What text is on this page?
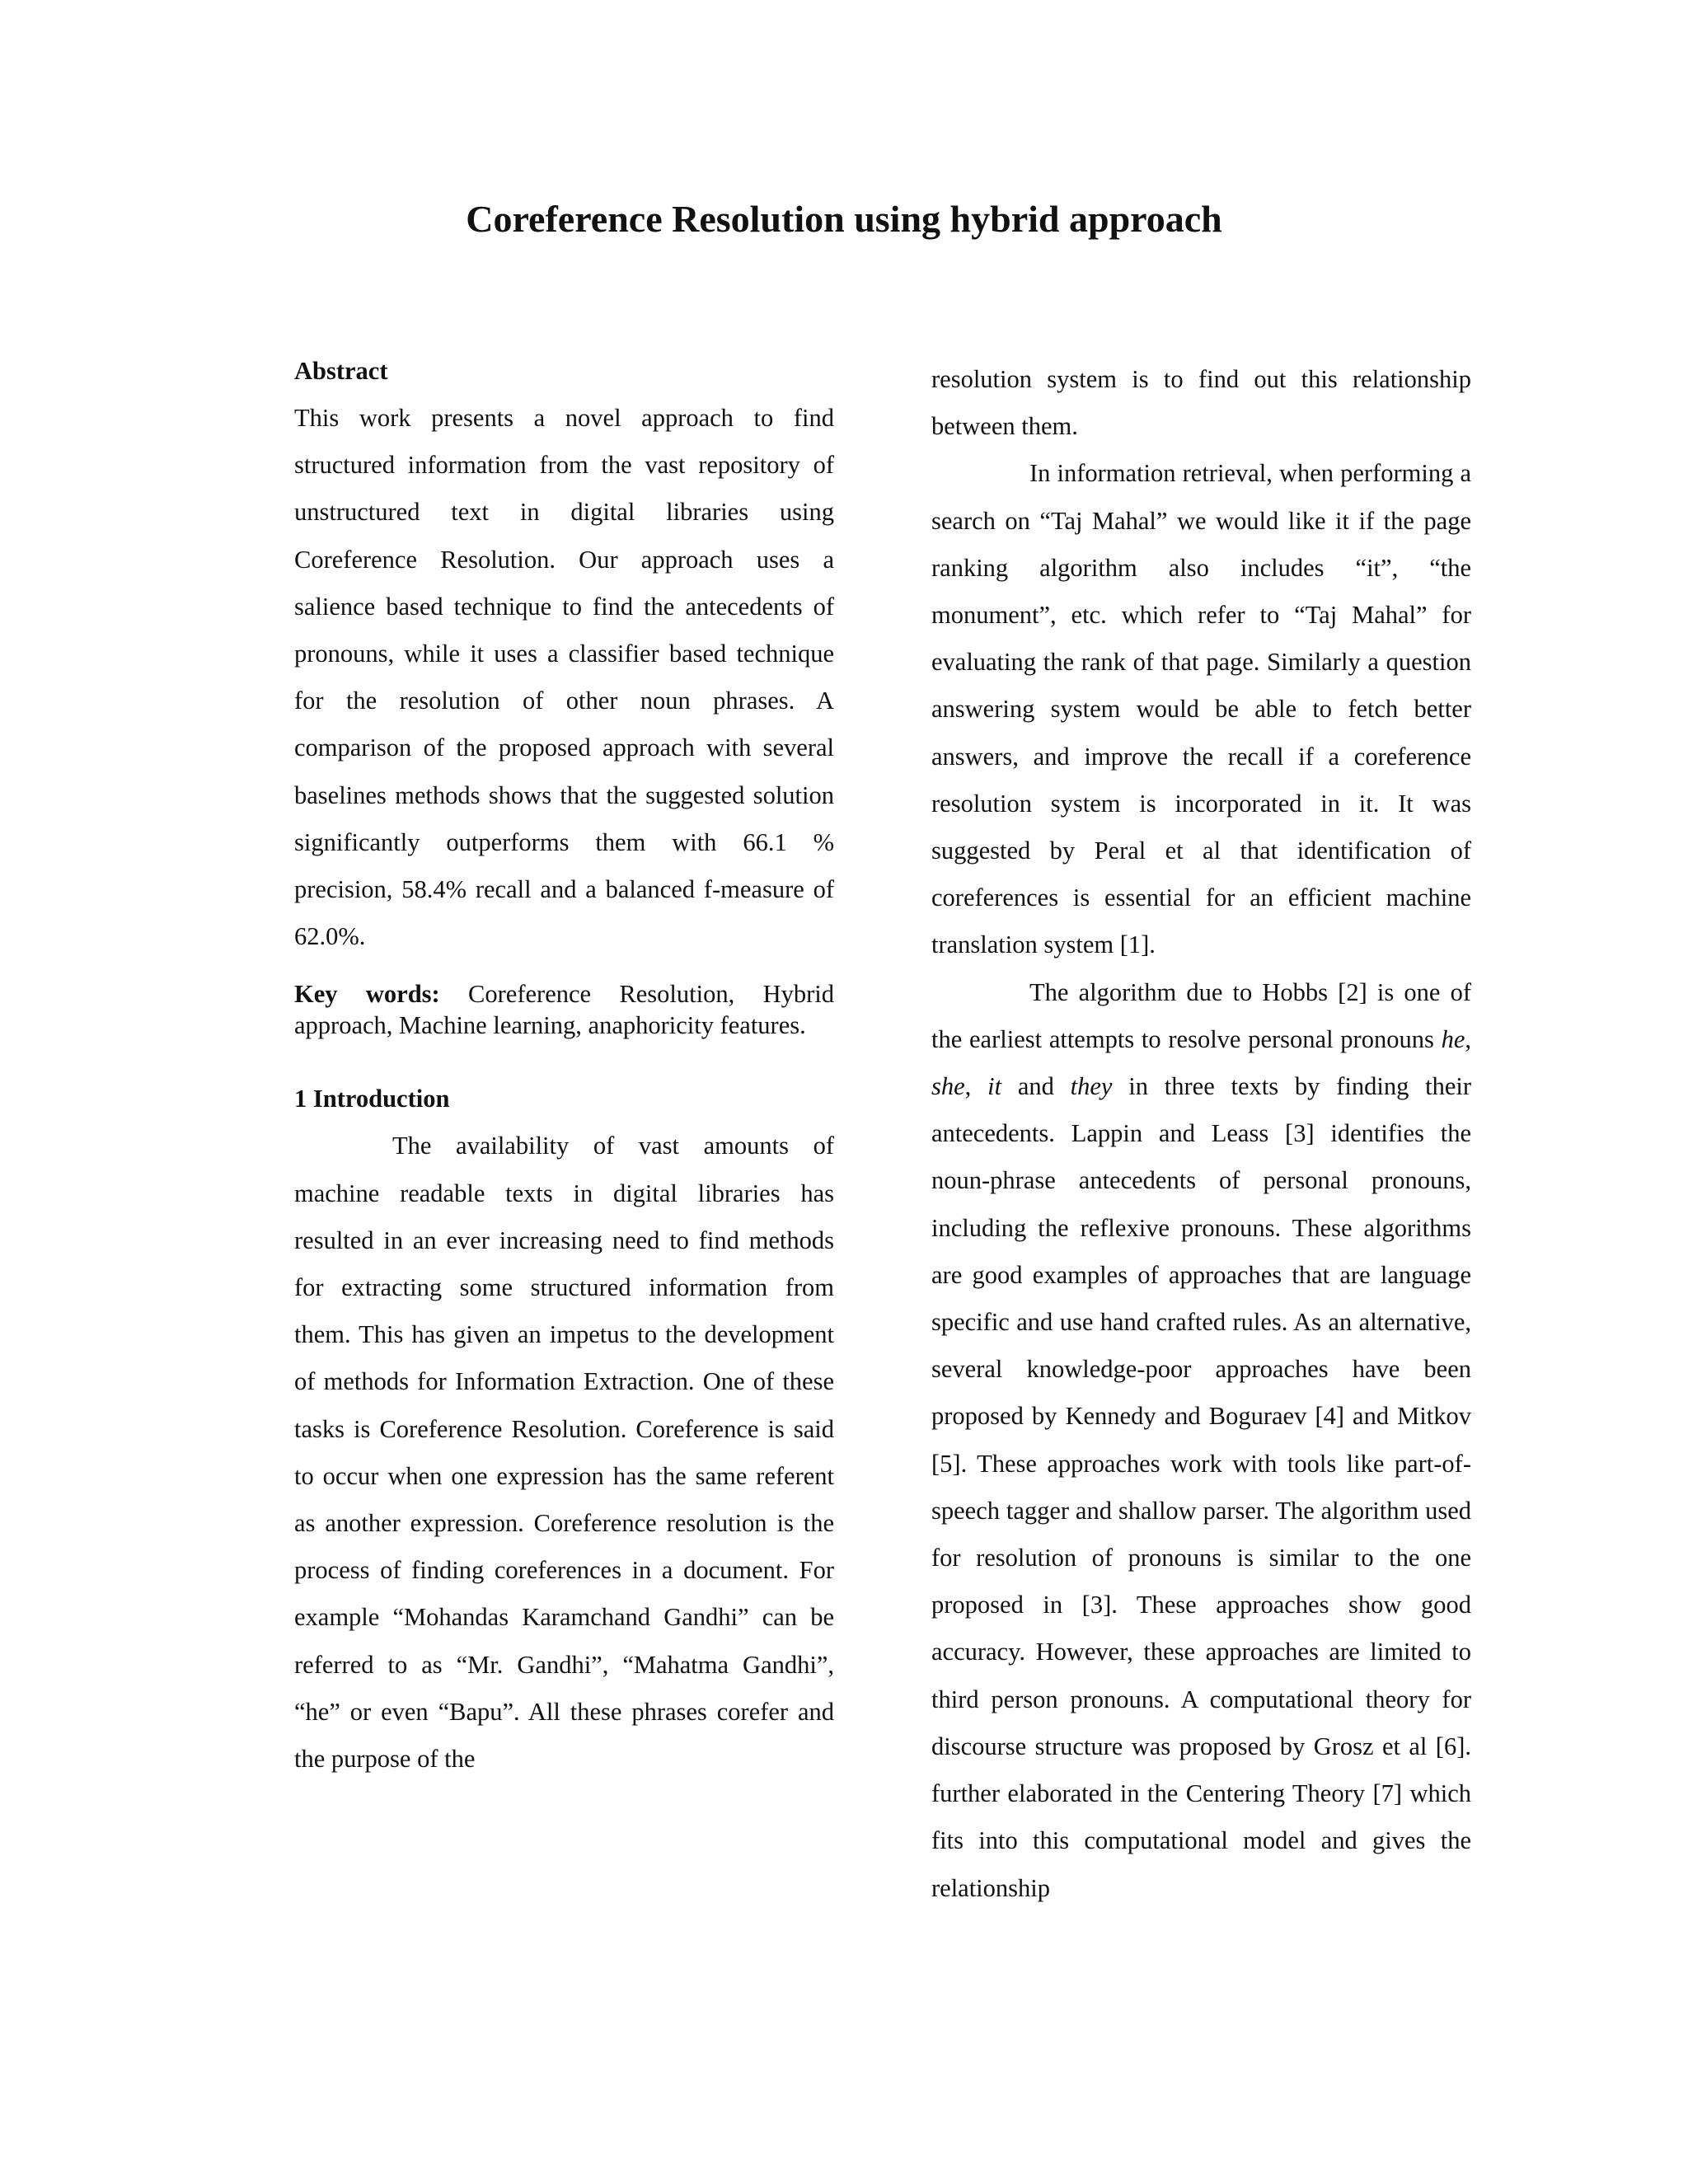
Coreference Resolution using hybrid approach
Abstract

This work presents a novel approach to find structured information from the vast repository of unstructured text in digital libraries using Coreference Resolution. Our approach uses a salience based technique to find the antecedents of pronouns, while it uses a classifier based technique for the resolution of other noun phrases. A comparison of the proposed approach with several baselines methods shows that the suggested solution significantly outperforms them with 66.1 % precision, 58.4% recall and a balanced f-measure of 62.0%.

Key words: Coreference Resolution, Hybrid approach, Machine learning, anaphoricity features.

1 Introduction

The availability of vast amounts of machine readable texts in digital libraries has resulted in an ever increasing need to find methods for extracting some structured information from them. This has given an impetus to the development of methods for Information Extraction. One of these tasks is Coreference Resolution. Coreference is said to occur when one expression has the same referent as another expression. Coreference resolution is the process of finding coreferences in a document. For example “Mohandas Karamchand Gandhi” can be referred to as “Mr. Gandhi”, “Mahatma Gandhi”, “he” or even “Bapu”. All these phrases corefer and the purpose of the

resolution system is to find out this relationship between them.

In information retrieval, when performing a search on “Taj Mahal” we would like it if the page ranking algorithm also includes “it”, “the monument”, etc. which refer to “Taj Mahal” for evaluating the rank of that page. Similarly a question answering system would be able to fetch better answers, and improve the recall if a coreference resolution system is incorporated in it. It was suggested by Peral et al that identification of coreferences is essential for an efficient machine translation system [1].

The algorithm due to Hobbs [2] is one of the earliest attempts to resolve personal pronouns he, she, it and they in three texts by finding their antecedents. Lappin and Leass [3] identifies the noun-phrase antecedents of personal pronouns, including the reflexive pronouns. These algorithms are good examples of approaches that are language specific and use hand crafted rules. As an alternative, several knowledge-poor approaches have been proposed by Kennedy and Boguraev [4] and Mitkov [5]. These approaches work with tools like part-of-speech tagger and shallow parser. The algorithm used for resolution of pronouns is similar to the one proposed in [3]. These approaches show good accuracy. However, these approaches are limited to third person pronouns. A computational theory for discourse structure was proposed by Grosz et al [6]. further elaborated in the Centering Theory [7] which fits into this computational model and gives the relationship
